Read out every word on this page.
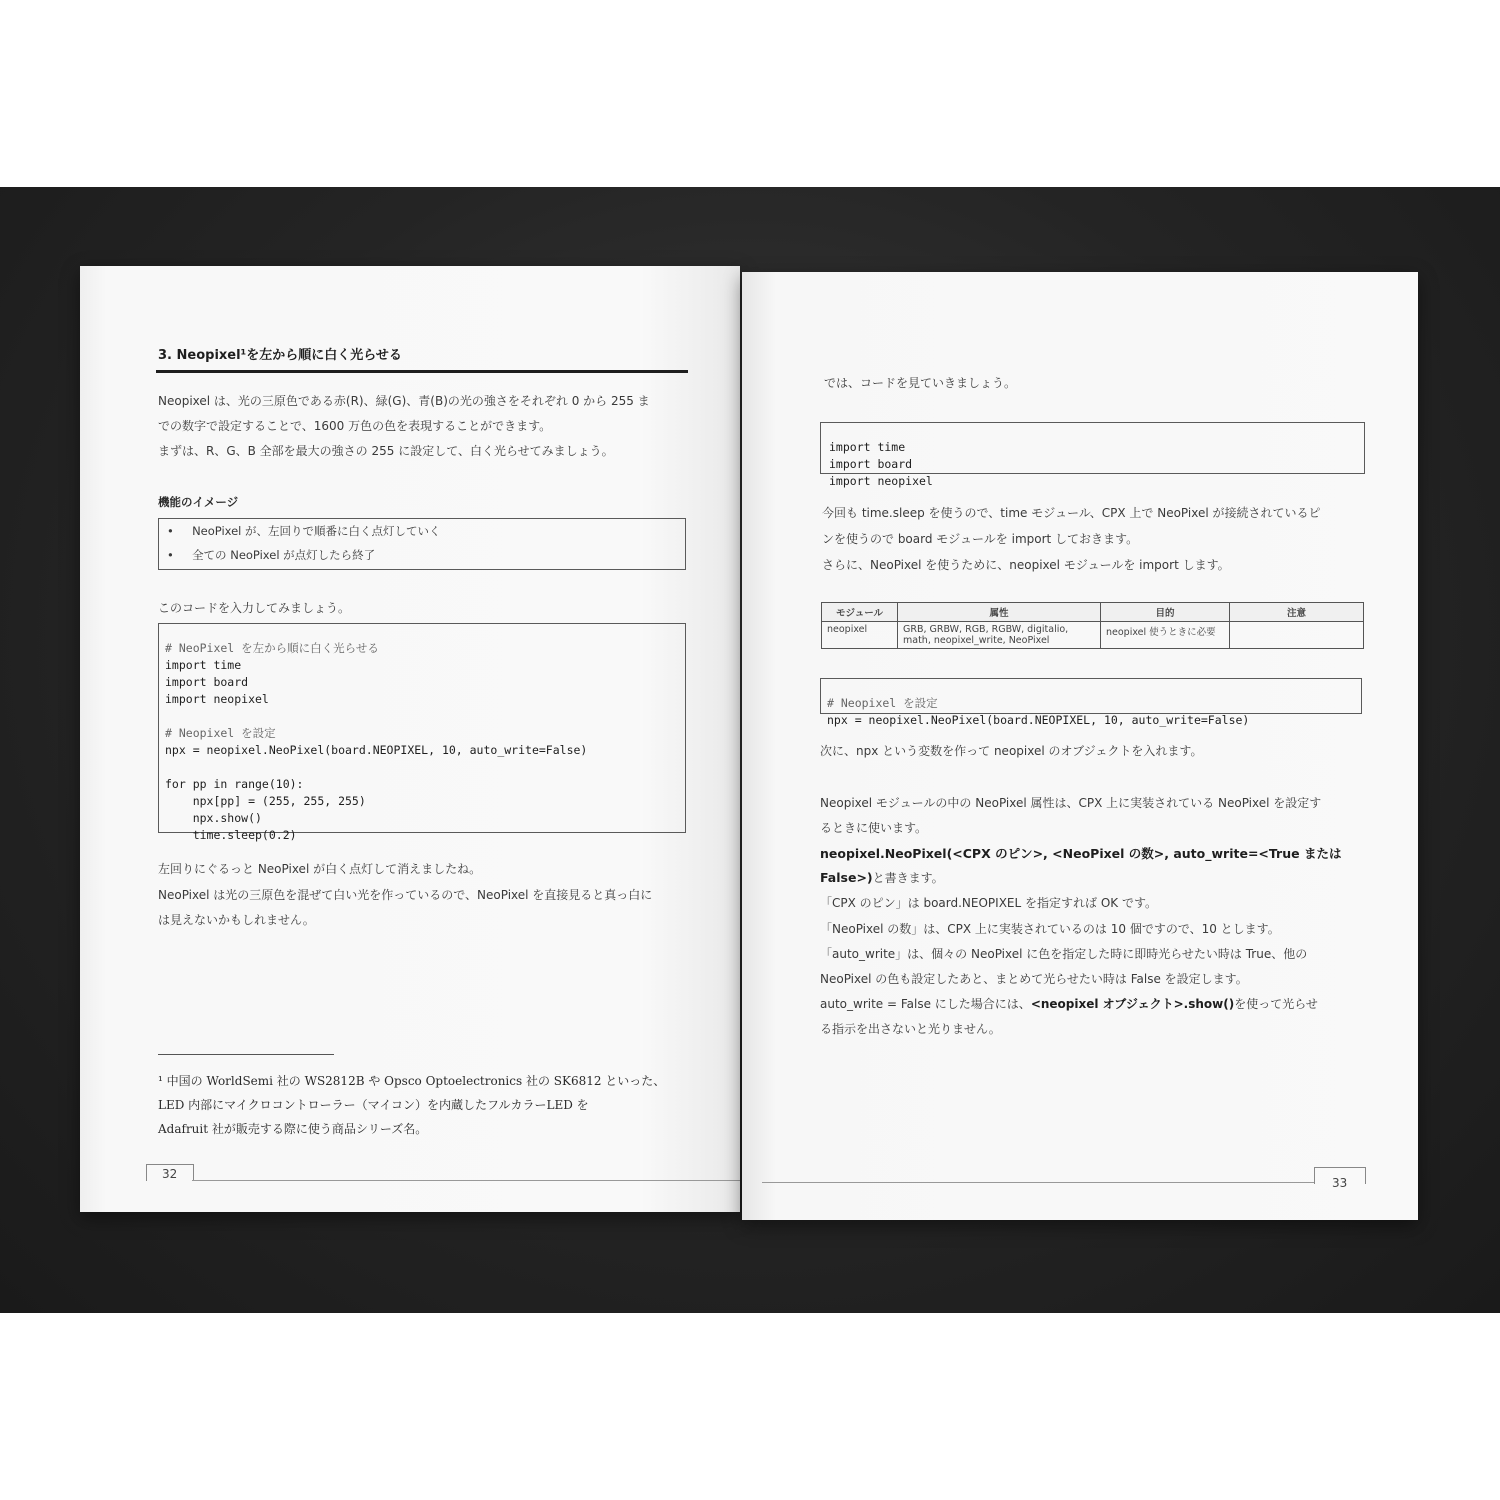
3. Neopixel¹を左から順に白く光らせる
Neopixel は、光の三原色である赤(R)、緑(G)、青(B)の光の強さをそれぞれ 0 から 255 ま
での数字で設定することで、1600 万色の色を表現することができます。
まずは、R、G、B 全部を最大の強さの 255 に設定して、白く光らせてみましょう。
機能のイメージ
•     NeoPixel が、左回りで順番に白く点灯していく
•     全ての NeoPixel が点灯したら終了
このコードを入力してみましょう。

# NeoPixel を左から順に白く光らせる
import time
import board
import neopixel

# Neopixel を設定
npx = neopixel.NeoPixel(board.NEOPIXEL, 10, auto_write=False)

for pp in range(10):
npx[pp] = (255, 255, 255)
npx.show()
time.sleep(0.2)
左回りにぐるっと NeoPixel が白く点灯して消えましたね。
NeoPixel は光の三原色を混ぜて白い光を作っているので、NeoPixel を直接見ると真っ白に
は見えないかもしれません。
¹ 中国の WorldSemi 社の WS2812B や Opsco Optoelectronics 社の SK6812 といった、
LED 内部にマイクロコントローラー（マイコン）を内蔵したフルカラーLED を
Adafruit 社が販売する際に使う商品シリーズ名。
32
では、コードを見ていきましょう。

import time
import board
import neopixel
今回も time.sleep を使うので、time モジュール、CPX 上で NeoPixel が接続されているピ
ンを使うので board モジュールを import しておきます。
さらに、NeoPixel を使うために、neopixel モジュールを import します。
モジュール	属性	目的	注意
neopixel	GRB, GRBW, RGB, RGBW, digitalio, math, neopixel_write, NeoPixel	neopixel 使うときに必要	

# Neopixel を設定
npx = neopixel.NeoPixel(board.NEOPIXEL, 10, auto_write=False)
次に、npx という変数を作って neopixel のオブジェクトを入れます。
Neopixel モジュールの中の NeoPixel 属性は、CPX 上に実装されている NeoPixel を設定す
るときに使います。
neopixel.NeoPixel(<CPX のピン>, <NeoPixel の数>, auto_write=<True または
False>)と書きます。
「CPX のピン」は board.NEOPIXEL を指定すれば OK です。
「NeoPixel の数」は、CPX 上に実装されているのは 10 個ですので、10 とします。
「auto_write」は、個々の NeoPixel に色を指定した時に即時光らせたい時は True、他の
NeoPixel の色も設定したあと、まとめて光らせたい時は False を設定します。
auto_write = False にした場合には、<neopixel オブジェクト>.show()を使って光らせ
る指示を出さないと光りません。
33
